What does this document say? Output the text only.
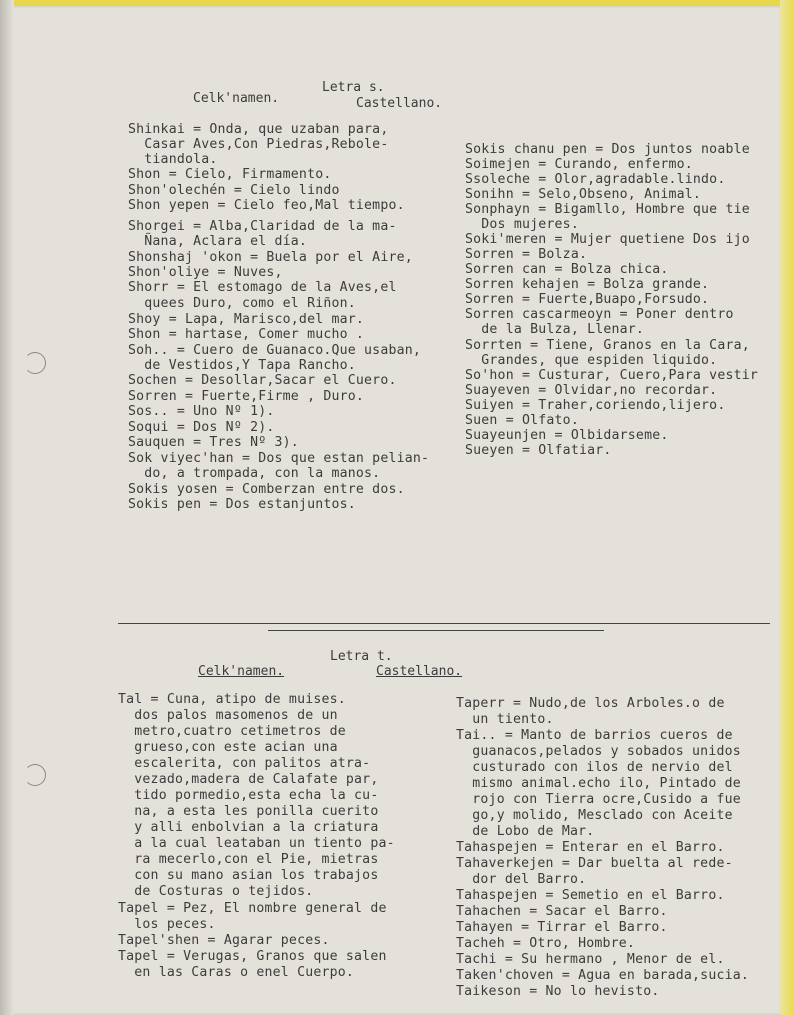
Letra s.
Celk'namen.	Castellano.
Shinkai = Onda, que uzaban para,
Casar Aves,Con Piedras,Rebole-
tiandola.
Shon = Cielo, Firmamento.
Shon'olechén = Cielo lindo
Shon yepen = Cielo feo,Mal tiempo.
Shorgei = Alba,Claridad de la ma-
Ñana, Aclara el día.
Shonshaj 'okon = Buela por el Aire,
Shon'oliye = Nuves,
Shorr = El estomago de la Aves,el
quees Duro, como el Riñon.
Shoy = Lapa, Marisco,del mar.
Shon = hartase, Comer mucho .
Soh.. = Cuero de Guanaco.Que usaban,
de Vestidos,Y Tapa Rancho.
Sochen = Desollar,Sacar el Cuero.
Sorren = Fuerte,Firme , Duro.
Sos.. = Uno Nº 1).
Soqui = Dos Nº 2).
Sauquen = Tres Nº 3).
Sok viyec'han = Dos que estan pelian-
do, a trompada, con la manos.
Sokis yosen = Comberzan entre dos.
Sokis pen = Dos estanjuntos.
Sokis chanu pen = Dos juntos noable
Soimejen = Curando, enfermo.
Ssoleche = Olor,agradable.lindo.
Sonihn = Selo,Obseno, Animal.
Sonphayn = Bigamllo, Hombre que tie
Dos mujeres.
Soki'meren = Mujer quetiene Dos ijo
Sorren = Bolza.
Sorren can = Bolza chica.
Sorren kehajen = Bolza grande.
Sorren = Fuerte,Buapo,Forsudo.
Sorren cascarmeoyn = Poner dentro
de la Bulza, Llenar.
Sorrten = Tiene, Granos en la Cara,
Grandes, que espiden liquido.
So'hon = Custurar, Cuero,Para vestir
Suayeven = Olvidar,no recordar.
Suiyen = Traher,coriendo,lijero.
Suen = Olfato.
Suayeunjen = Olbidarseme.
Sueyen = Olfatiar.
Letra t.
Celk'namen.	Castellano.
Tal = Cuna, atipo de muises.
dos palos masomenos de un
metro,cuatro cetimetros de
grueso,con este acian una
escalerita, con palitos atra-
vezado,madera de Calafate par,
tido pormedio,esta echa la cu-
na, a esta les ponilla cuerito
y alli enbolvian a la criatura
a la cual leataban un tiento pa-
ra mecerlo,con el Pie, mietras
con su mano asian los trabajos
de Costuras o tejidos.
Tapel = Pez, El nombre general de
los peces.
Tapel'shen = Agarar peces.
Tapel = Verugas, Granos que salen
en las Caras o enel Cuerpo.
Taperr = Nudo,de los Arboles.o de
un tiento.
Tai.. = Manto de barrios cueros de
guanacos,pelados y sobados unidos
custurado con ilos de nervio del
mismo animal.echo ilo, Pintado de
rojo con Tierra ocre,Cusido a fue
go,y molido, Mesclado con Aceite
de Lobo de Mar.
Tahaspejen = Enterar en el Barro.
Tahaverkejen = Dar buelta al rede-
dor del Barro.
Tahaspejen = Semetio en el Barro.
Tahachen = Sacar el Barro.
Tahayen = Tirrar el Barro.
Tacheh = Otro, Hombre.
Tachi = Su hermano , Menor de el.
Taken'choven = Agua en barada,sucia.
Taikeson = No lo hevisto.
